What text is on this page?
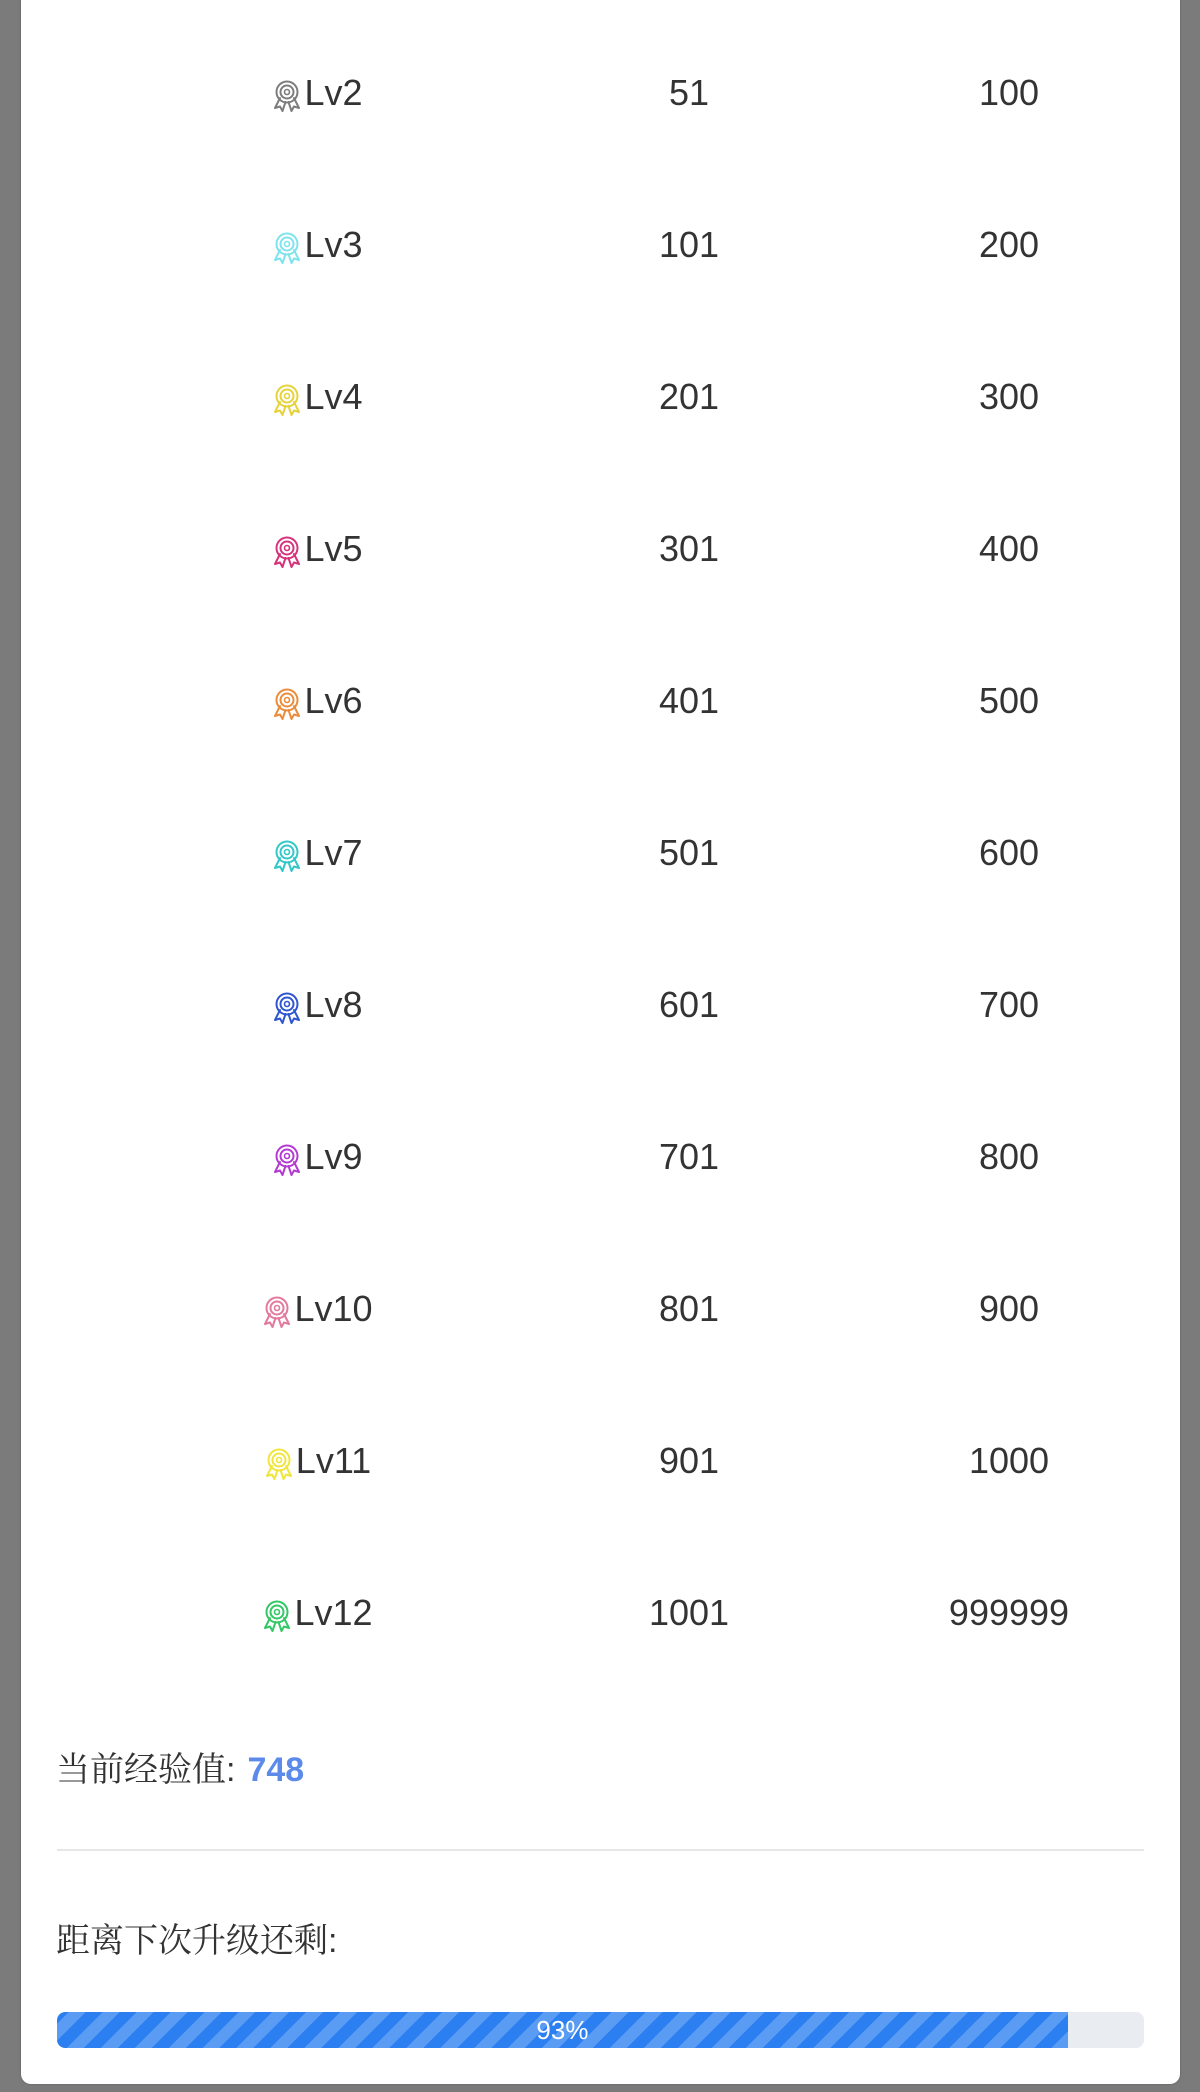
Lv2	51	100
Lv3	101	200
Lv4	201	300
Lv5	301	400
Lv6	401	500
Lv7	501	600
Lv8	601	700
Lv9	701	800
Lv10	801	900
Lv11	901	1000
Lv12	1001	999999
当前经验值: 748
距离下次升级还剩:
93%
